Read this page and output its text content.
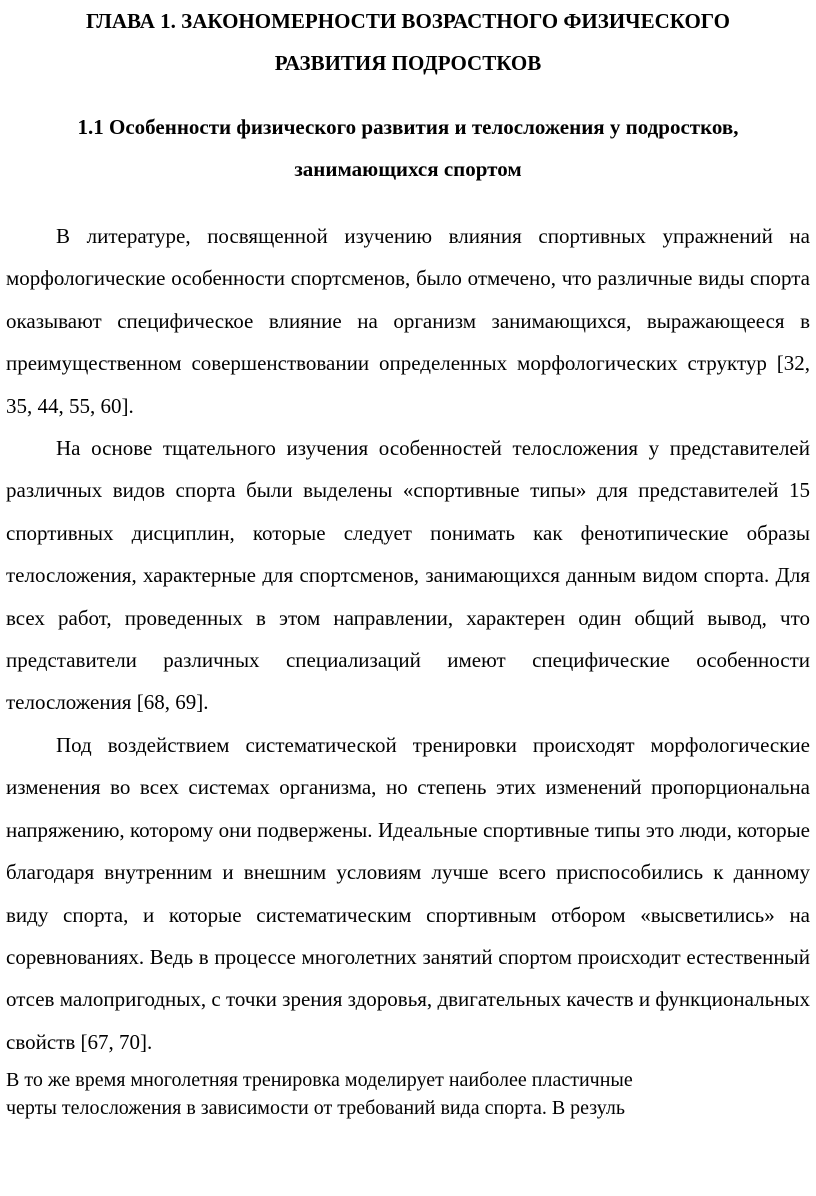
ГЛАВА 1. ЗАКОНОМЕРНОСТИ ВОЗРАСТНОГО ФИЗИЧЕСКОГО
РАЗВИТИЯ ПОДРОСТКОВ
1.1 Особенности физического развития и телосложения у подростков,
занимающихся спортом

В литературе, посвященной изучению влияния спортивных упражнений на морфологические особенности спортсменов, было отмечено, что различные виды спорта оказывают специфическое влияние на организм занимающихся, выражающееся в преимущественном совершенствовании определенных морфологических структур [32, 35, 44, 55, 60].

На основе тщательного изучения особенностей телосложения у представителей различных видов спорта были выделены «спортивные типы» для представителей 15 спортивных дисциплин, которые следует понимать как фенотипические образы телосложения, характерные для спортсменов, занимающихся данным видом спорта. Для всех работ, проведенных в этом направлении, характерен один общий вывод, что представители различных специализаций имеют специфические особенности телосложения [68, 69].

Под воздействием систематической тренировки происходят морфологические изменения во всех системах организма, но степень этих изменений пропорциональна напряжению, которому они подвержены. Идеальные спортивные типы это люди, которые благодаря внутренним и внешним условиям лучше всего приспособились к данному виду спорта, и которые систематическим спортивным отбором «высветились» на соревнованиях. Ведь в процессе многолетних занятий спортом происходит естественный отсев малопригодных, с точки зрения здоровья, двигательных качеств и функциональных свойств [67, 70].

В то же время многолетняя тренировка моделирует наиболее пластичные
черты телосложения в зависимости от требований вида спорта. В резуль
